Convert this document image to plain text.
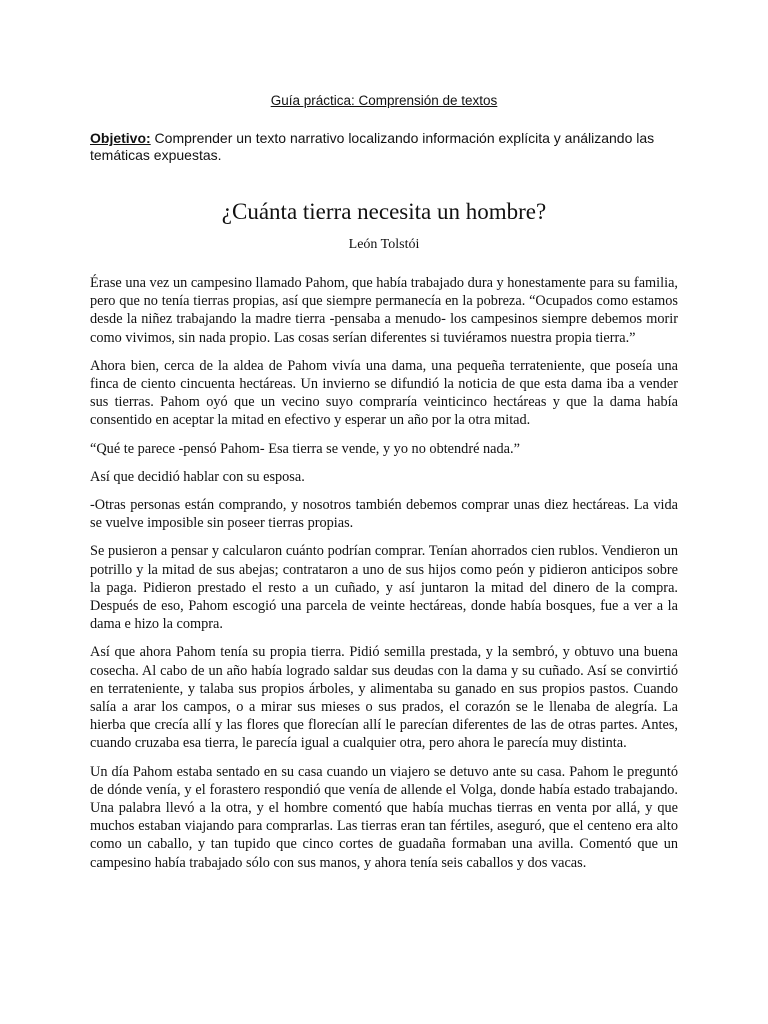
Guía práctica: Comprensión de textos
Objetivo: Comprender un texto narrativo localizando información explícita y análizando las temáticas expuestas.
¿Cuánta tierra necesita un hombre?
León Tolstói

Érase una vez un campesino llamado Pahom, que había trabajado dura y honestamente para su familia, pero que no tenía tierras propias, así que siempre permanecía en la pobreza. “Ocupados como estamos desde la niñez trabajando la madre tierra -pensaba a menudo- los campesinos siempre debemos morir como vivimos, sin nada propio. Las cosas serían diferentes si tuviéramos nuestra propia tierra.”

Ahora bien, cerca de la aldea de Pahom vivía una dama, una pequeña terrateniente, que poseía una finca de ciento cincuenta hectáreas. Un invierno se difundió la noticia de que esta dama iba a vender sus tierras. Pahom oyó que un vecino suyo compraría veinticinco hectáreas y que la dama había consentido en aceptar la mitad en efectivo y esperar un año por la otra mitad.

“Qué te parece -pensó Pahom- Esa tierra se vende, y yo no obtendré nada.”

Así que decidió hablar con su esposa.

-Otras personas están comprando, y nosotros también debemos comprar unas diez hectáreas. La vida se vuelve imposible sin poseer tierras propias.

Se pusieron a pensar y calcularon cuánto podrían comprar. Tenían ahorrados cien rublos. Vendieron un potrillo y la mitad de sus abejas; contrataron a uno de sus hijos como peón y pidieron anticipos sobre la paga. Pidieron prestado el resto a un cuñado, y así juntaron la mitad del dinero de la compra. Después de eso, Pahom escogió una parcela de veinte hectáreas, donde había bosques, fue a ver a la dama e hizo la compra.

Así que ahora Pahom tenía su propia tierra. Pidió semilla prestada, y la sembró, y obtuvo una buena cosecha. Al cabo de un año había logrado saldar sus deudas con la dama y su cuñado. Así se convirtió en terrateniente, y talaba sus propios árboles, y alimentaba su ganado en sus propios pastos. Cuando salía a arar los campos, o a mirar sus mieses o sus prados, el corazón se le llenaba de alegría. La hierba que crecía allí y las flores que florecían allí le parecían diferentes de las de otras partes. Antes, cuando cruzaba esa tierra, le parecía igual a cualquier otra, pero ahora le parecía muy distinta.

Un día Pahom estaba sentado en su casa cuando un viajero se detuvo ante su casa. Pahom le preguntó de dónde venía, y el forastero respondió que venía de allende el Volga, donde había estado trabajando. Una palabra llevó a la otra, y el hombre comentó que había muchas tierras en venta por allá, y que muchos estaban viajando para comprarlas. Las tierras eran tan fértiles, aseguró, que el centeno era alto como un caballo, y tan tupido que cinco cortes de guadaña formaban una avilla. Comentó que un campesino había trabajado sólo con sus manos, y ahora tenía seis caballos y dos vacas.
